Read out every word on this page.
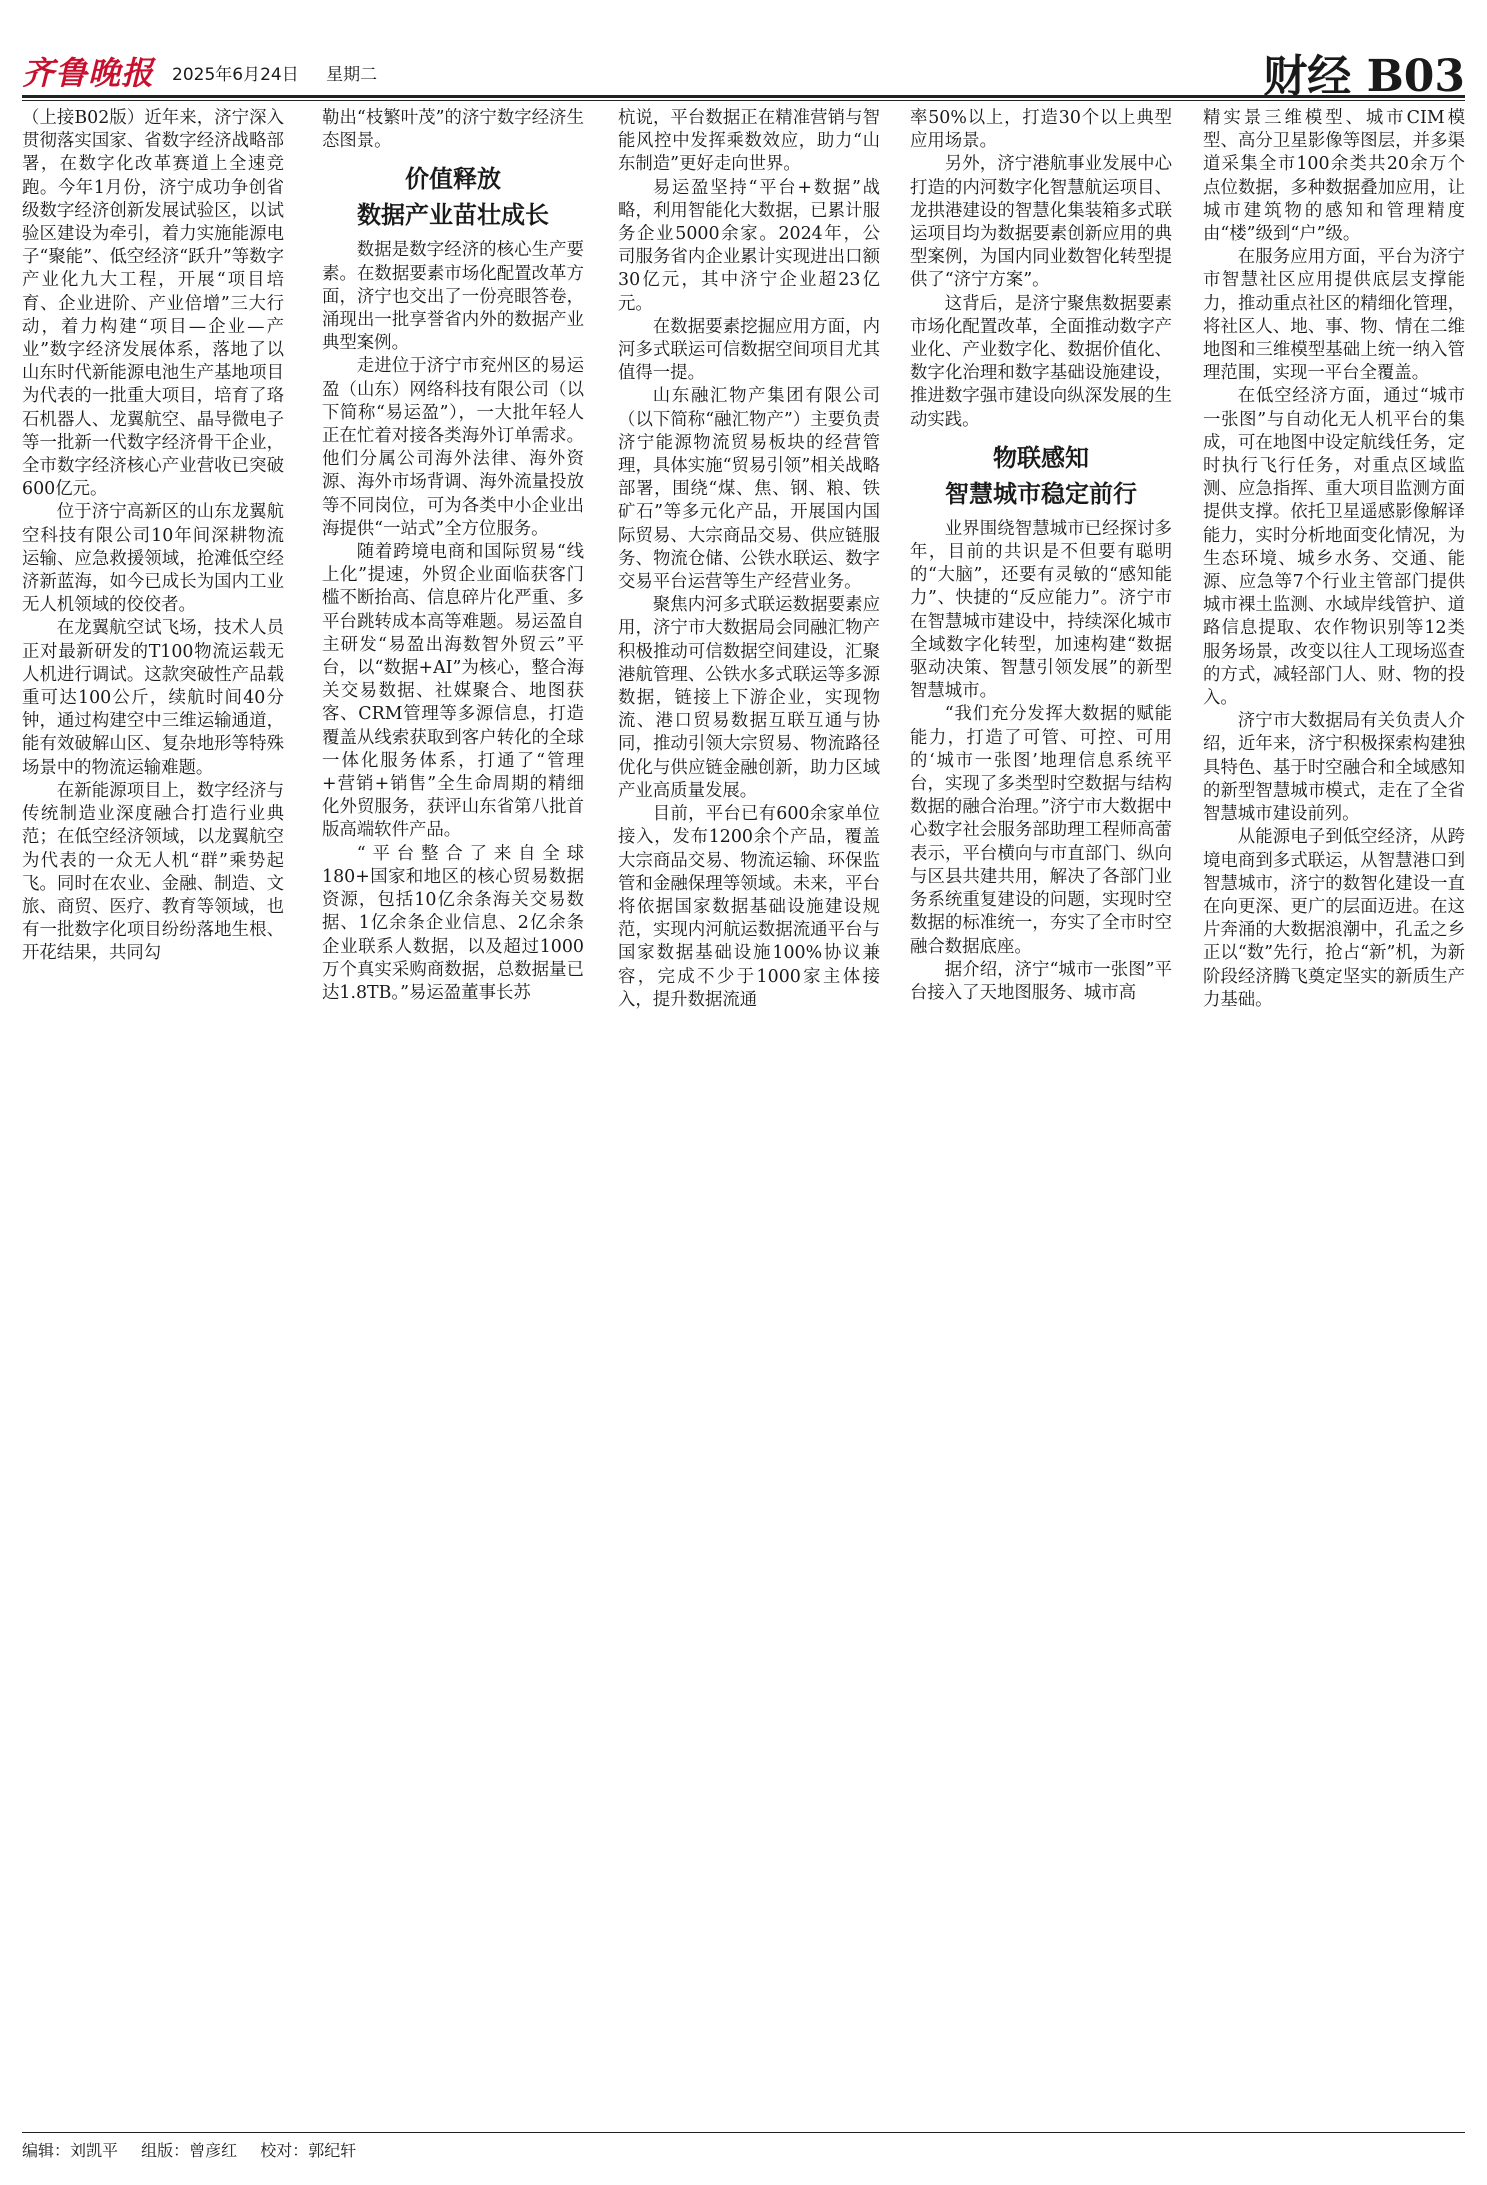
齐鲁晚报 2025年6月24日 星期二	财经 B03

（上接B02版）近年来，济宁深入贯彻落实国家、省数字经济战略部署，在数字化改革赛道上全速竞跑。今年1月份，济宁成功争创省级数字经济创新发展试验区，以试验区建设为牵引，着力实施能源电子“聚能”、低空经济“跃升”等数字产业化九大工程，开展“项目培育、企业进阶、产业倍增”三大行动，着力构建“项目—企业—产业”数字经济发展体系，落地了以山东时代新能源电池生产基地项目为代表的一批重大项目，培育了珞石机器人、龙翼航空、晶导微电子等一批新一代数字经济骨干企业，全市数字经济核心产业营收已突破600亿元。

位于济宁高新区的山东龙翼航空科技有限公司10年间深耕物流运输、应急救援领域，抢滩低空经济新蓝海，如今已成长为国内工业无人机领域的佼佼者。

在龙翼航空试飞场，技术人员正对最新研发的T100物流运载无人机进行调试。这款突破性产品载重可达100公斤，续航时间40分钟，通过构建空中三维运输通道，能有效破解山区、复杂地形等特殊场景中的物流运输难题。

在新能源项目上，数字经济与传统制造业深度融合打造行业典范；在低空经济领域，以龙翼航空为代表的一众无人机“群”乘势起飞。同时在农业、金融、制造、文旅、商贸、医疗、教育等领域，也有一批数字化项目纷纷落地生根、开花结果，共同勾

勒出“枝繁叶茂”的济宁数字经济生态图景。

价值释放
数据产业苗壮成长

数据是数字经济的核心生产要素。在数据要素市场化配置改革方面，济宁也交出了一份亮眼答卷，涌现出一批享誉省内外的数据产业典型案例。

走进位于济宁市兖州区的易运盈（山东）网络科技有限公司（以下简称“易运盈”），一大批年轻人正在忙着对接各类海外订单需求。他们分属公司海外法律、海外资源、海外市场背调、海外流量投放等不同岗位，可为各类中小企业出海提供“一站式”全方位服务。

随着跨境电商和国际贸易“线上化”提速，外贸企业面临获客门槛不断抬高、信息碎片化严重、多平台跳转成本高等难题。易运盈自主研发“易盈出海数智外贸云”平台，以“数据+AI”为核心，整合海关交易数据、社媒聚合、地图获客、CRM管理等多源信息，打造覆盖从线索获取到客户转化的全球一体化服务体系，打通了“管理+营销+销售”全生命周期的精细化外贸服务，获评山东省第八批首版高端软件产品。

“平台整合了来自全球180+国家和地区的核心贸易数据资源，包括10亿余条海关交易数据、1亿余条企业信息、2亿余条企业联系人数据，以及超过1000万个真实采购商数据，总数据量已达1.8TB。”易运盈董事长苏

杭说，平台数据正在精准营销与智能风控中发挥乘数效应，助力“山东制造”更好走向世界。

易运盈坚持“平台+数据”战略，利用智能化大数据，已累计服务企业5000余家。2024年，公司服务省内企业累计实现进出口额30亿元，其中济宁企业超23亿元。

在数据要素挖掘应用方面，内河多式联运可信数据空间项目尤其值得一提。

山东融汇物产集团有限公司（以下简称“融汇物产”）主要负责济宁能源物流贸易板块的经营管理，具体实施“贸易引领”相关战略部署，围绕“煤、焦、钢、粮、铁矿石”等多元化产品，开展国内国际贸易、大宗商品交易、供应链服务、物流仓储、公铁水联运、数字交易平台运营等生产经营业务。

聚焦内河多式联运数据要素应用，济宁市大数据局会同融汇物产积极推动可信数据空间建设，汇聚港航管理、公铁水多式联运等多源数据，链接上下游企业，实现物流、港口贸易数据互联互通与协同，推动引领大宗贸易、物流路径优化与供应链金融创新，助力区域产业高质量发展。

目前，平台已有600余家单位接入，发布1200余个产品，覆盖大宗商品交易、物流运输、环保监管和金融保理等领域。未来，平台将依据国家数据基础设施建设规范，实现内河航运数据流通平台与国家数据基础设施100%协议兼容，完成不少于1000家主体接入，提升数据流通

率50%以上，打造30个以上典型应用场景。

另外，济宁港航事业发展中心打造的内河数字化智慧航运项目、龙拱港建设的智慧化集装箱多式联运项目均为数据要素创新应用的典型案例，为国内同业数智化转型提供了“济宁方案”。

这背后，是济宁聚焦数据要素市场化配置改革，全面推动数字产业化、产业数字化、数据价值化、数字化治理和数字基础设施建设，推进数字强市建设向纵深发展的生动实践。

物联感知
智慧城市稳定前行

业界围绕智慧城市已经探讨多年，目前的共识是不但要有聪明的“大脑”，还要有灵敏的“感知能力”、快捷的“反应能力”。济宁市在智慧城市建设中，持续深化城市全域数字化转型，加速构建“数据驱动决策、智慧引领发展”的新型智慧城市。

“我们充分发挥大数据的赋能能力，打造了可管、可控、可用的‘城市一张图’地理信息系统平台，实现了多类型时空数据与结构数据的融合治理。”济宁市大数据中心数字社会服务部助理工程师高蕾表示，平台横向与市直部门、纵向与区县共建共用，解决了各部门业务系统重复建设的问题，实现时空数据的标准统一，夯实了全市时空融合数据底座。

据介绍，济宁“城市一张图”平台接入了天地图服务、城市高

精实景三维模型、城市CIM模型、高分卫星影像等图层，并多渠道采集全市100余类共20余万个点位数据，多种数据叠加应用，让城市建筑物的感知和管理精度由“楼”级到“户”级。

在服务应用方面，平台为济宁市智慧社区应用提供底层支撑能力，推动重点社区的精细化管理，将社区人、地、事、物、情在二维地图和三维模型基础上统一纳入管理范围，实现一平台全覆盖。

在低空经济方面，通过“城市一张图”与自动化无人机平台的集成，可在地图中设定航线任务，定时执行飞行任务，对重点区域监测、应急指挥、重大项目监测方面提供支撑。依托卫星遥感影像解译能力，实时分析地面变化情况，为生态环境、城乡水务、交通、能源、应急等7个行业主管部门提供城市裸土监测、水域岸线管护、道路信息提取、农作物识别等12类服务场景，改变以往人工现场巡查的方式，减轻部门人、财、物的投入。

济宁市大数据局有关负责人介绍，近年来，济宁积极探索构建独具特色、基于时空融合和全域感知的新型智慧城市模式，走在了全省智慧城市建设前列。

从能源电子到低空经济，从跨境电商到多式联运，从智慧港口到智慧城市，济宁的数智化建设一直在向更深、更广的层面迈进。在这片奔涌的大数据浪潮中，孔孟之乡正以“数”先行，抢占“新”机，为新阶段经济腾飞奠定坚实的新质生产力基础。

编辑：刘凯平 组版：曾彦红 校对：郭纪轩
